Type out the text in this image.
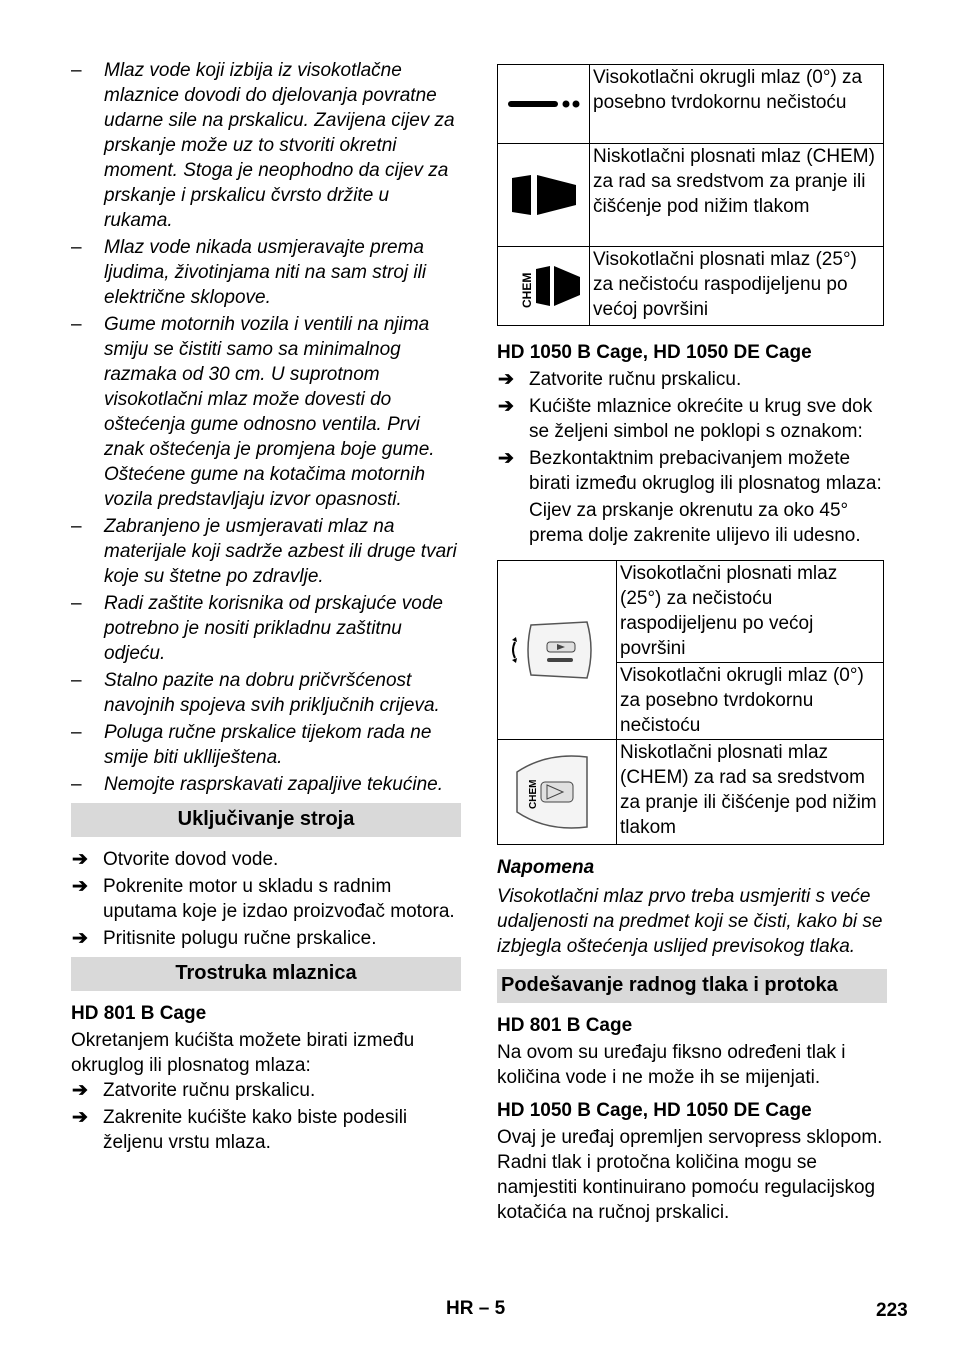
– Mlaz vode koji izbija iz visokotlačne mlaznice dovodi do djelovanja povratne udarne sile na prskalicu. Zavijena cijev za prskanje može uz to stvoriti okretni moment. Stoga je neophodno da cijev za prskanje i prskalicu čvrsto držite u rukama.

– Mlaz vode nikada usmjeravajte prema ljudima, životinjama niti na sam stroj ili električne sklopove.

– Gume motornih vozila i ventili na njima smiju se čistiti samo sa minimalnog razmaka od 30 cm. U suprotnom visokotlačni mlaz može dovesti do oštećenja gume odnosno ventila. Prvi znak oštećenja je promjena boje gume. Oštećene gume na kotačima motornih vozila predstavljaju izvor opasnosti.

– Zabranjeno je usmjeravati mlaz na materijale koji sadrže azbest ili druge tvari koje su štetne po zdravlje.

– Radi zaštite korisnika od prskajuće vode potrebno je nositi prikladnu zaštitnu odjeću.

– Stalno pazite na dobru pričvršćenost navojnih spojeva svih priključnih crijeva.

– Poluga ručne prskalice tijekom rada ne smije biti uklliještena.

– Nemojte rasprskavati zapaljive tekućine.

Uključivanje stroja

➔ Otvorite dovod vode.

➔ Pokrenite motor u skladu s radnim uputama koje je izdao proizvođač motora.

➔ Pritisnite polugu ručne prskalice.

Trostruka mlaznica
HD 801 B Cage

Okretanjem kućišta možete birati između okruglog ili plosnatog mlaza:

➔ Zatvorite ručnu prskalicu.

➔ Zakrenite kućište kako biste podesili željenu vrstu mlaza.

	Visokotlačni okrugli mlaz (0°) za posebno tvrdokornu nečistoću

	Niskotlačni plosnati mlaz (CHEM) za rad sa sredstvom za pranje ili čišćenje pod nižim tlakom

CHEM	Visokotlačni plosnati mlaz (25°) za nečistoću raspodijeljenu po većoj površini
HD 1050 B Cage, HD 1050 DE Cage

➔ Zatvorite ručnu prskalicu.

➔ Kućište mlaznice okrećite u krug sve dok se željeni simbol ne poklopi s oznakom:

➔ Bezkontaktnim prebacivanjem možete birati između okruglog ili plosnatog mlaza:

Cijev za prskanje okrenutu za oko 45° prema dolje zakrenite ulijevo ili udesno.

	Visokotlačni plosnati mlaz (25°) za nečistoću raspodijeljenu po većoj površini
	Visokotlačni okrugli mlaz (0°) za posebno tvrdokornu nečistoću

CHEM	Niskotlačni plosnati mlaz (CHEM) za rad sa sredstvom za pranje ili čišćenje pod nižim tlakom
Napomena

Visokotlačni mlaz prvo treba usmjeriti s veće udaljenosti na predmet koji se čisti, kako bi se izbjegla oštećenja uslijed previsokog tlaka.

Podešavanje radnog tlaka i protoka
HD 801 B Cage

Na ovom su uređaju fiksno određeni tlak i količina vode i ne može ih se mijenjati.

HD 1050 B Cage, HD 1050 DE Cage

Ovaj je uređaj opremljen servopress sklopom. Radni tlak i protočna količina mogu se namjestiti kontinuirano pomoću regulacijskog kotačića na ručnoj prskalici.

HR – 5	223
